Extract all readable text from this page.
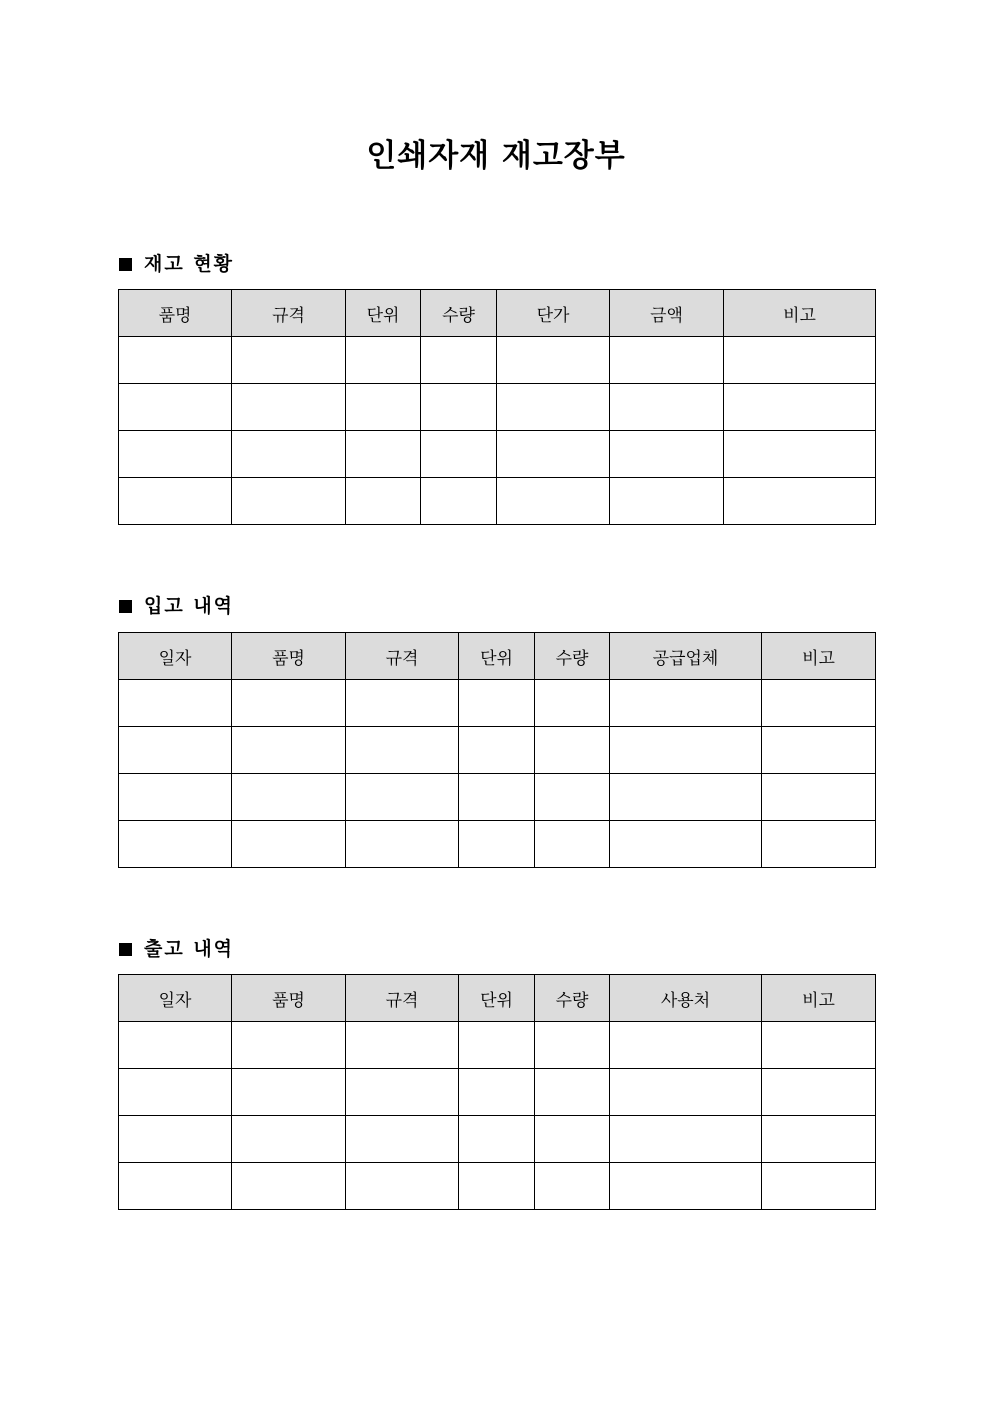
인쇄자재 재고장부
재고 현황
품명	규격	단위	수량	단가	금액	비고

입고 내역
일자	품명	규격	단위	수량	공급업체	비고

출고 내역
일자	품명	규격	단위	수량	사용처	비고
